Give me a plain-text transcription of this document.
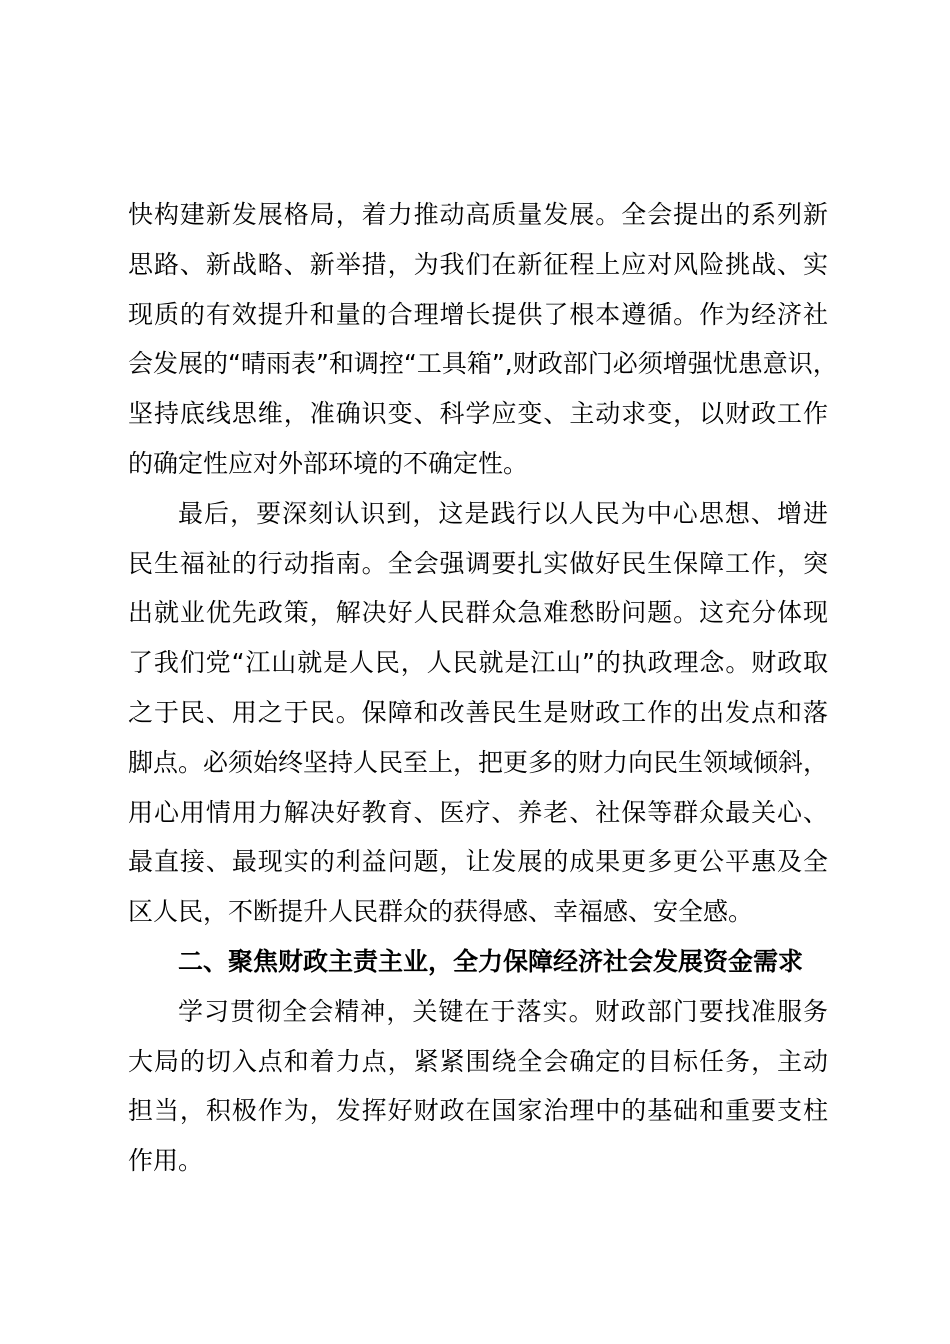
快构建新发展格局，着力推动高质量发展。全会提出的系列新
思路、新战略、新举措，为我们在新征程上应对风险挑战、实
现质的有效提升和量的合理增长提供了根本遵循。作为经济社
会发展的“晴雨表”和调控“工具箱”,财政部门必须增强忧患意识，
坚持底线思维，准确识变、科学应变、主动求变，以财政工作
的确定性应对外部环境的不确定性。
最后，要深刻认识到，这是践行以人民为中心思想、增进
民生福祉的行动指南。全会强调要扎实做好民生保障工作，突
出就业优先政策，解决好人民群众急难愁盼问题。这充分体现
了我们党“江山就是人民，人民就是江山”的执政理念。财政取
之于民、用之于民。保障和改善民生是财政工作的出发点和落
脚点。必须始终坚持人民至上，把更多的财力向民生领域倾斜，
用心用情用力解决好教育、医疗、养老、社保等群众最关心、
最直接、最现实的利益问题，让发展的成果更多更公平惠及全
区人民，不断提升人民群众的获得感、幸福感、安全感。
二、聚焦财政主责主业，全力保障经济社会发展资金需求
学习贯彻全会精神，关键在于落实。财政部门要找准服务
大局的切入点和着力点，紧紧围绕全会确定的目标任务，主动
担当，积极作为，发挥好财政在国家治理中的基础和重要支柱
作用。
